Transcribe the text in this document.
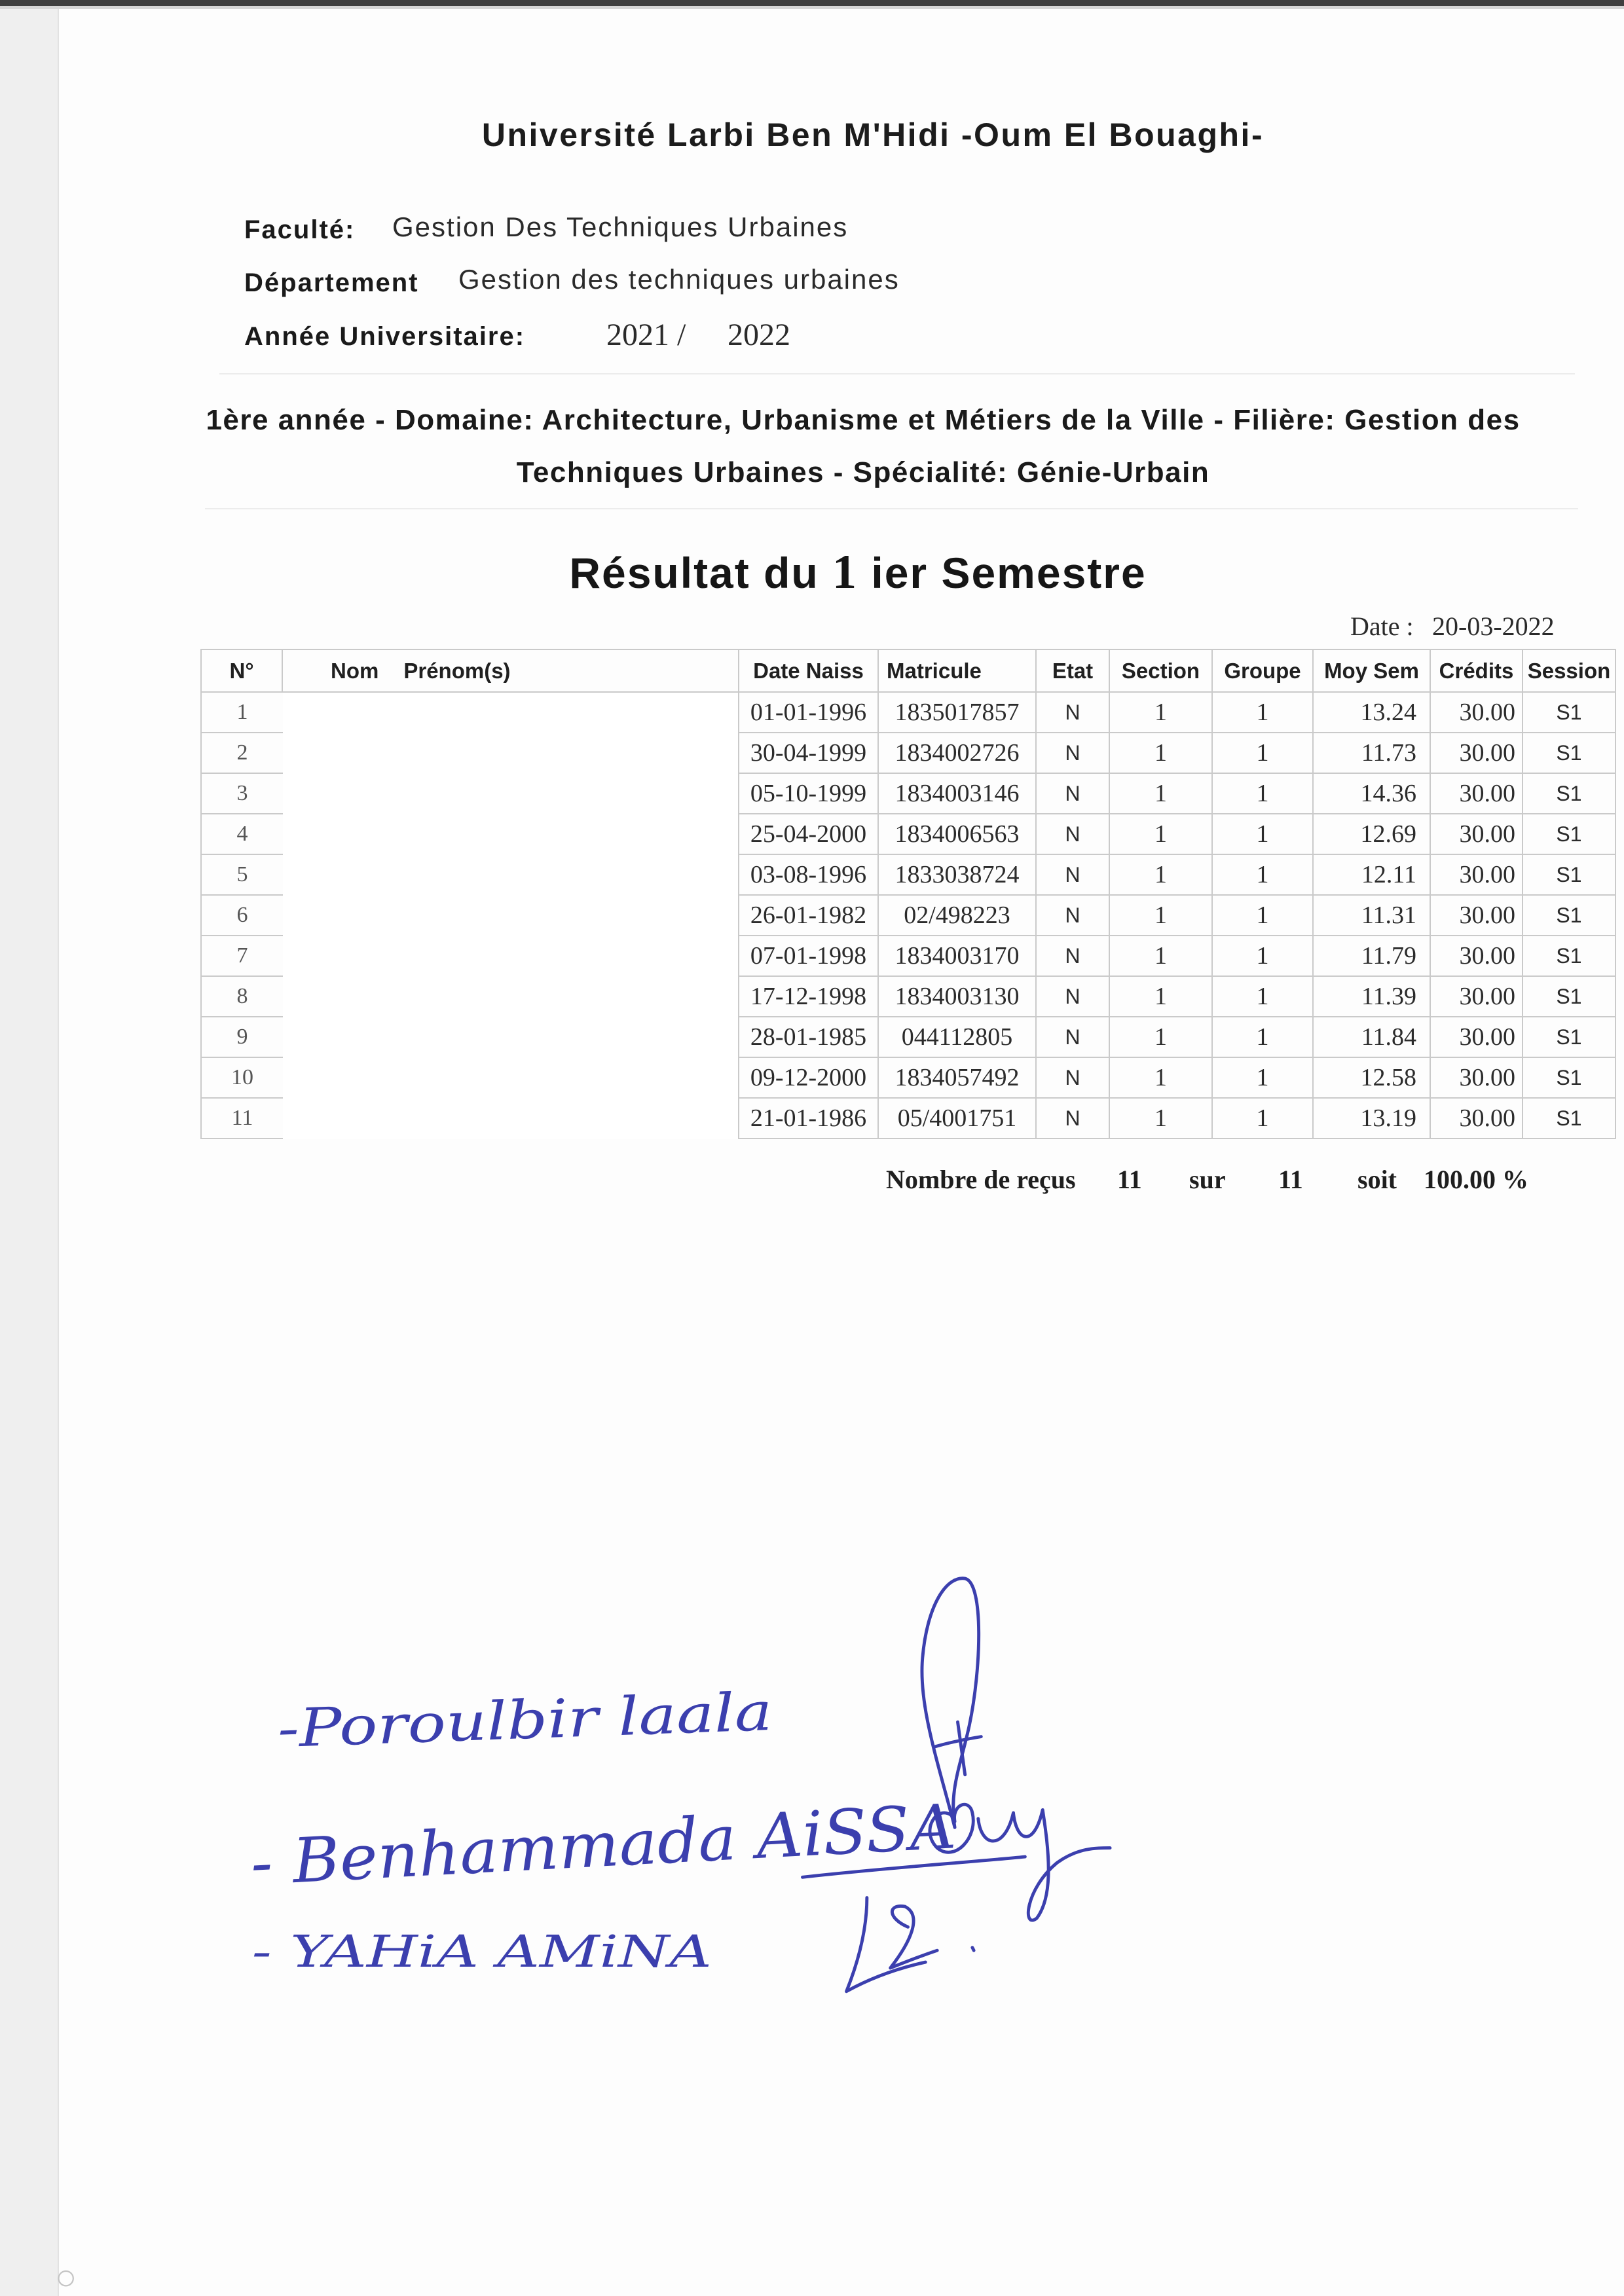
Université Larbi Ben M'Hidi -Oum El Bouaghi-
Faculté: Gestion Des Techniques Urbaines
Département Gestion des techniques urbaines
Année Universitaire:	2021 / 2022
1ère année - Domaine: Architecture, Urbanisme et Métiers de la Ville - Filière: Gestion des
Techniques Urbaines - Spécialité: Génie-Urbain
Résultat du 1 ier Semestre
Date : 20-03-2022
N°	Nom Prénom(s)	Date Naiss	Matricule	Etat	Section	Groupe	Moy Sem	Crédits	Session
1		01-01-1996	1835017857	N	1	1	13.24	30.00	S1
2		30-04-1999	1834002726	N	1	1	11.73	30.00	S1
3		05-10-1999	1834003146	N	1	1	14.36	30.00	S1
4		25-04-2000	1834006563	N	1	1	12.69	30.00	S1
5		03-08-1996	1833038724	N	1	1	12.11	30.00	S1
6		26-01-1982	02/498223	N	1	1	11.31	30.00	S1
7		07-01-1998	1834003170	N	1	1	11.79	30.00	S1
8		17-12-1998	1834003130	N	1	1	11.39	30.00	S1
9		28-01-1985	044112805	N	1	1	11.84	30.00	S1
10		09-12-2000	1834057492	N	1	1	12.58	30.00	S1
11		21-01-1986	05/4001751	N	1	1	13.19	30.00	S1
Nombre de reçus 11 sur 11 soit 100.00 %
-Poroulbir laala
- Benhammada AiSSA
- YAHiA AMiNA
